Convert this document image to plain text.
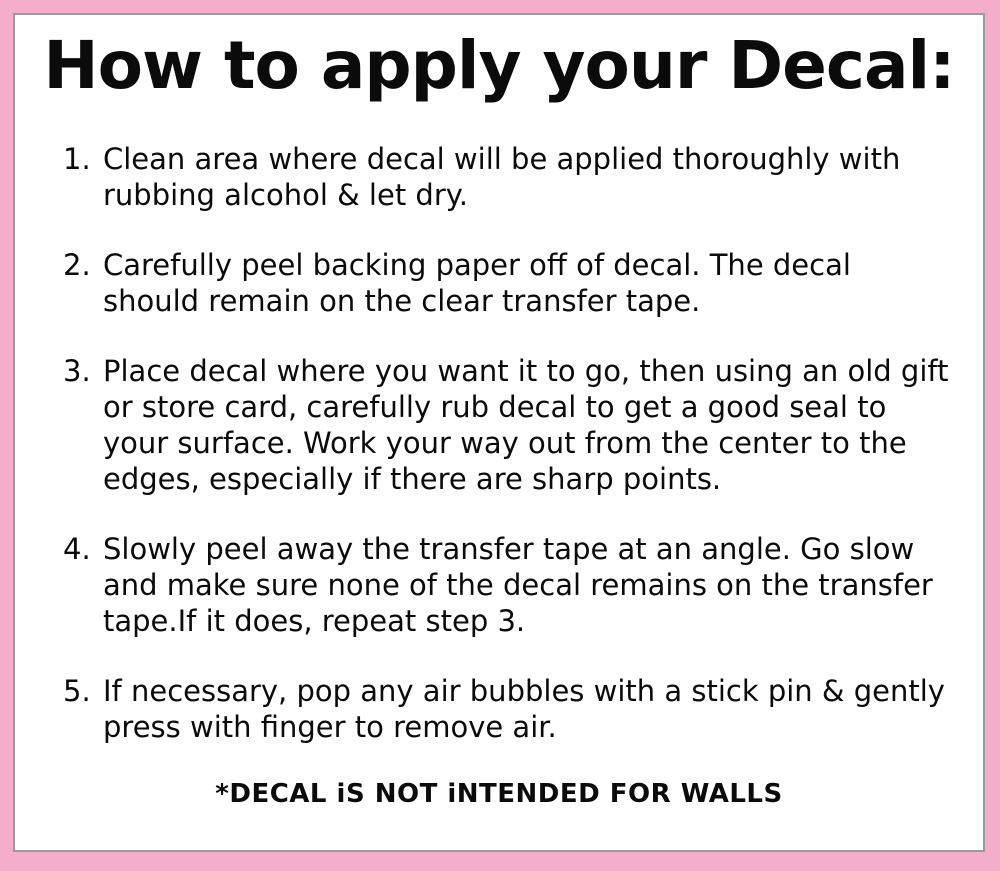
How to apply your Decal:
1. Clean area where decal will be applied thoroughly with rubbing alcohol & let dry.
2. Carefully peel backing paper off of decal. The decal should remain on the clear transfer tape.
3. Place decal where you want it to go, then using an old gift or store card, carefully rub decal to get a good seal to your surface. Work your way out from the center to the edges, especially if there are sharp points.
4. Slowly peel away the transfer tape at an angle. Go slow and make sure none of the decal remains on the transfer tape.If it does, repeat step 3.
5. If necessary, pop any air bubbles with a stick pin & gently press with finger to remove air.
*DECAL iS NOT iNTENDED FOR WALLS
